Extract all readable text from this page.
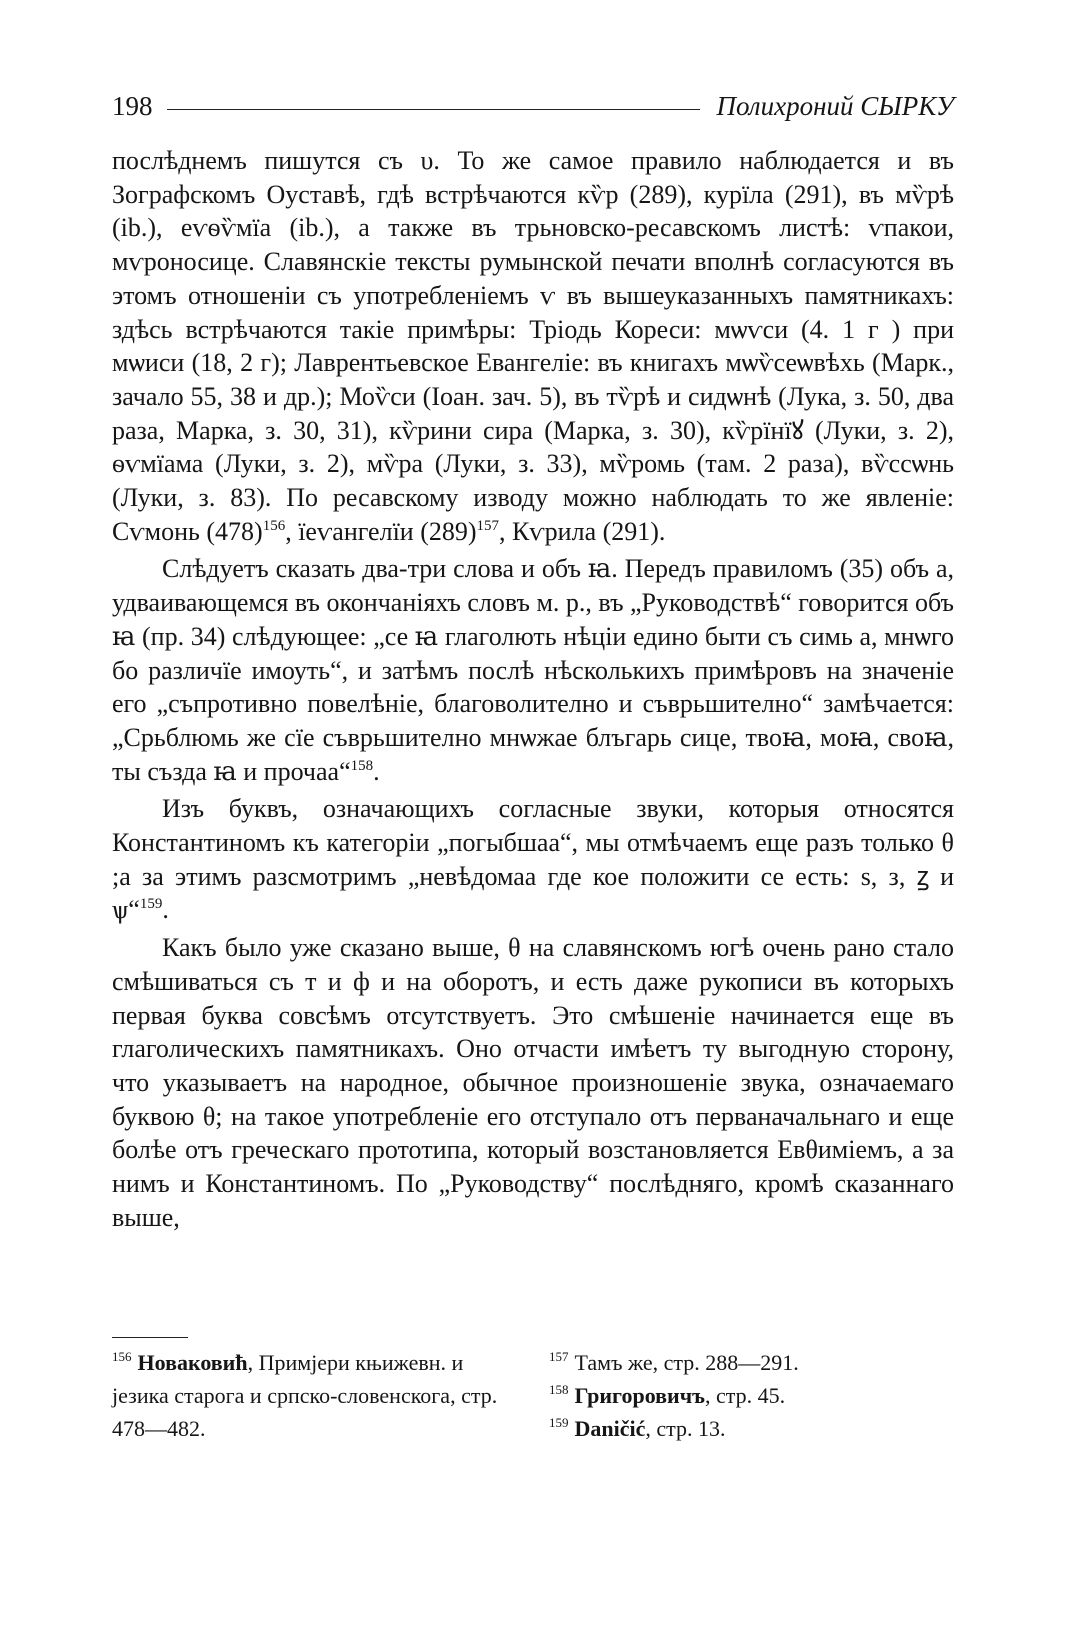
198	Полихроний СЫРКУ

послѣднемъ пишутся съ υ. То же самое правило наблюдается и въ Зографскомъ Оуставѣ, гдѣ встрѣчаются кѷр (289), курїла (291), въ мѷрѣ (ib.), еѵѳѷмїа (ib.), а также въ трьновско-ресавскомъ листѣ: ѵпакои, мѵроносице. Славянскіе тексты румынской печати вполнѣ согласуются въ этомъ отношеніи съ употребленіемъ ѵ въ вышеуказанныхъ памятникахъ: здѣсь встрѣчаются такіе примѣры: Тріодь Кореси: мѡѵси (4. 1 г ) при мѡиси (18, 2 г); Лаврентьевское Евангеліе: въ книгахъ мѡѷсеѡвѣхь (Марк., зачало 55, 38 и др.); Моѷси (Іоан. зач. 5), въ тѷрѣ и сидѡнѣ (Лука, з. 50, два раза, Марка, з. 30, 31), кѷрини сира (Марка, з. 30), кѷрїнїꙋ (Луки, з. 2), ѳѵмїама (Луки, з. 2), мѷра (Луки, з. 33), мѷромь (там. 2 раза), вѷссѡнь (Луки, з. 83). По ресавскому изводу можно наблюдать то же явленіе: Сѵмонь $(478)^{156}$, їеѵангелїи $(289)^{157}$, Кѵрила (291).

Слѣдуетъ сказать два-три слова и объ ꙗ. Передъ правиломъ (35) объ а, удваивающемся въ окончаніяхъ словъ м. р., въ „Руководствѣ“ говорится объ ꙗ (пр. 34) слѣдующее: „се ꙗ глаголють нѣціи едино быти съ симь а, мнѡго бо различїе имоуть“, и затѣмъ послѣ нѣсколькихъ примѣровъ на значеніе его „съпротивно повелѣніе, благоволително и съврьшително“ замѣчается: „Срьблюмь же сїе съврьшително мнѡжае блъгарь сице, твоꙗ, моꙗ, своꙗ, ты създа ꙗ и прочаа“$^{158}$.

Изъ буквъ, означающихъ согласные звуки, которыя относятся Константиномъ къ категоріи „погыбшаа“, мы отмѣчаемъ еще разъ только θ ;а за этимъ разсмотримъ „невѣдомаа где кое положити се есть: ѕ, з, ꙁ и ѱ“$^{159}$.

Какъ было уже сказано выше, θ на славянскомъ югѣ очень рано стало смѣшиваться съ т и ф и на оборотъ, и есть даже рукописи въ которыхъ первая буква совсѣмъ отсутствуетъ. Это смѣшеніе начинается еще въ глаголическихъ памятникахъ. Оно отчасти имѣетъ ту выгодную сторону, что указываетъ на народное, обычное произношеніе звука, означаемаго буквою θ; на такое употребленіе его отступало отъ перваначальнаго и еще болѣе отъ греческаго прототипа, который возстановляется Евθиміемъ, а за нимъ и Константиномъ. По „Руководству“ послѣдняго, кромѣ сказаннаго выше,

$^{156}$ Новаковић, Примјери књижевн. и језика старога и српско-словенскога, стр. 478—482.

$^{157}$ Тамъ же, стр. 288—291.

$^{158}$ Григоровичъ, стр. 45.

$^{159}$ Daničić, стр. 13.
